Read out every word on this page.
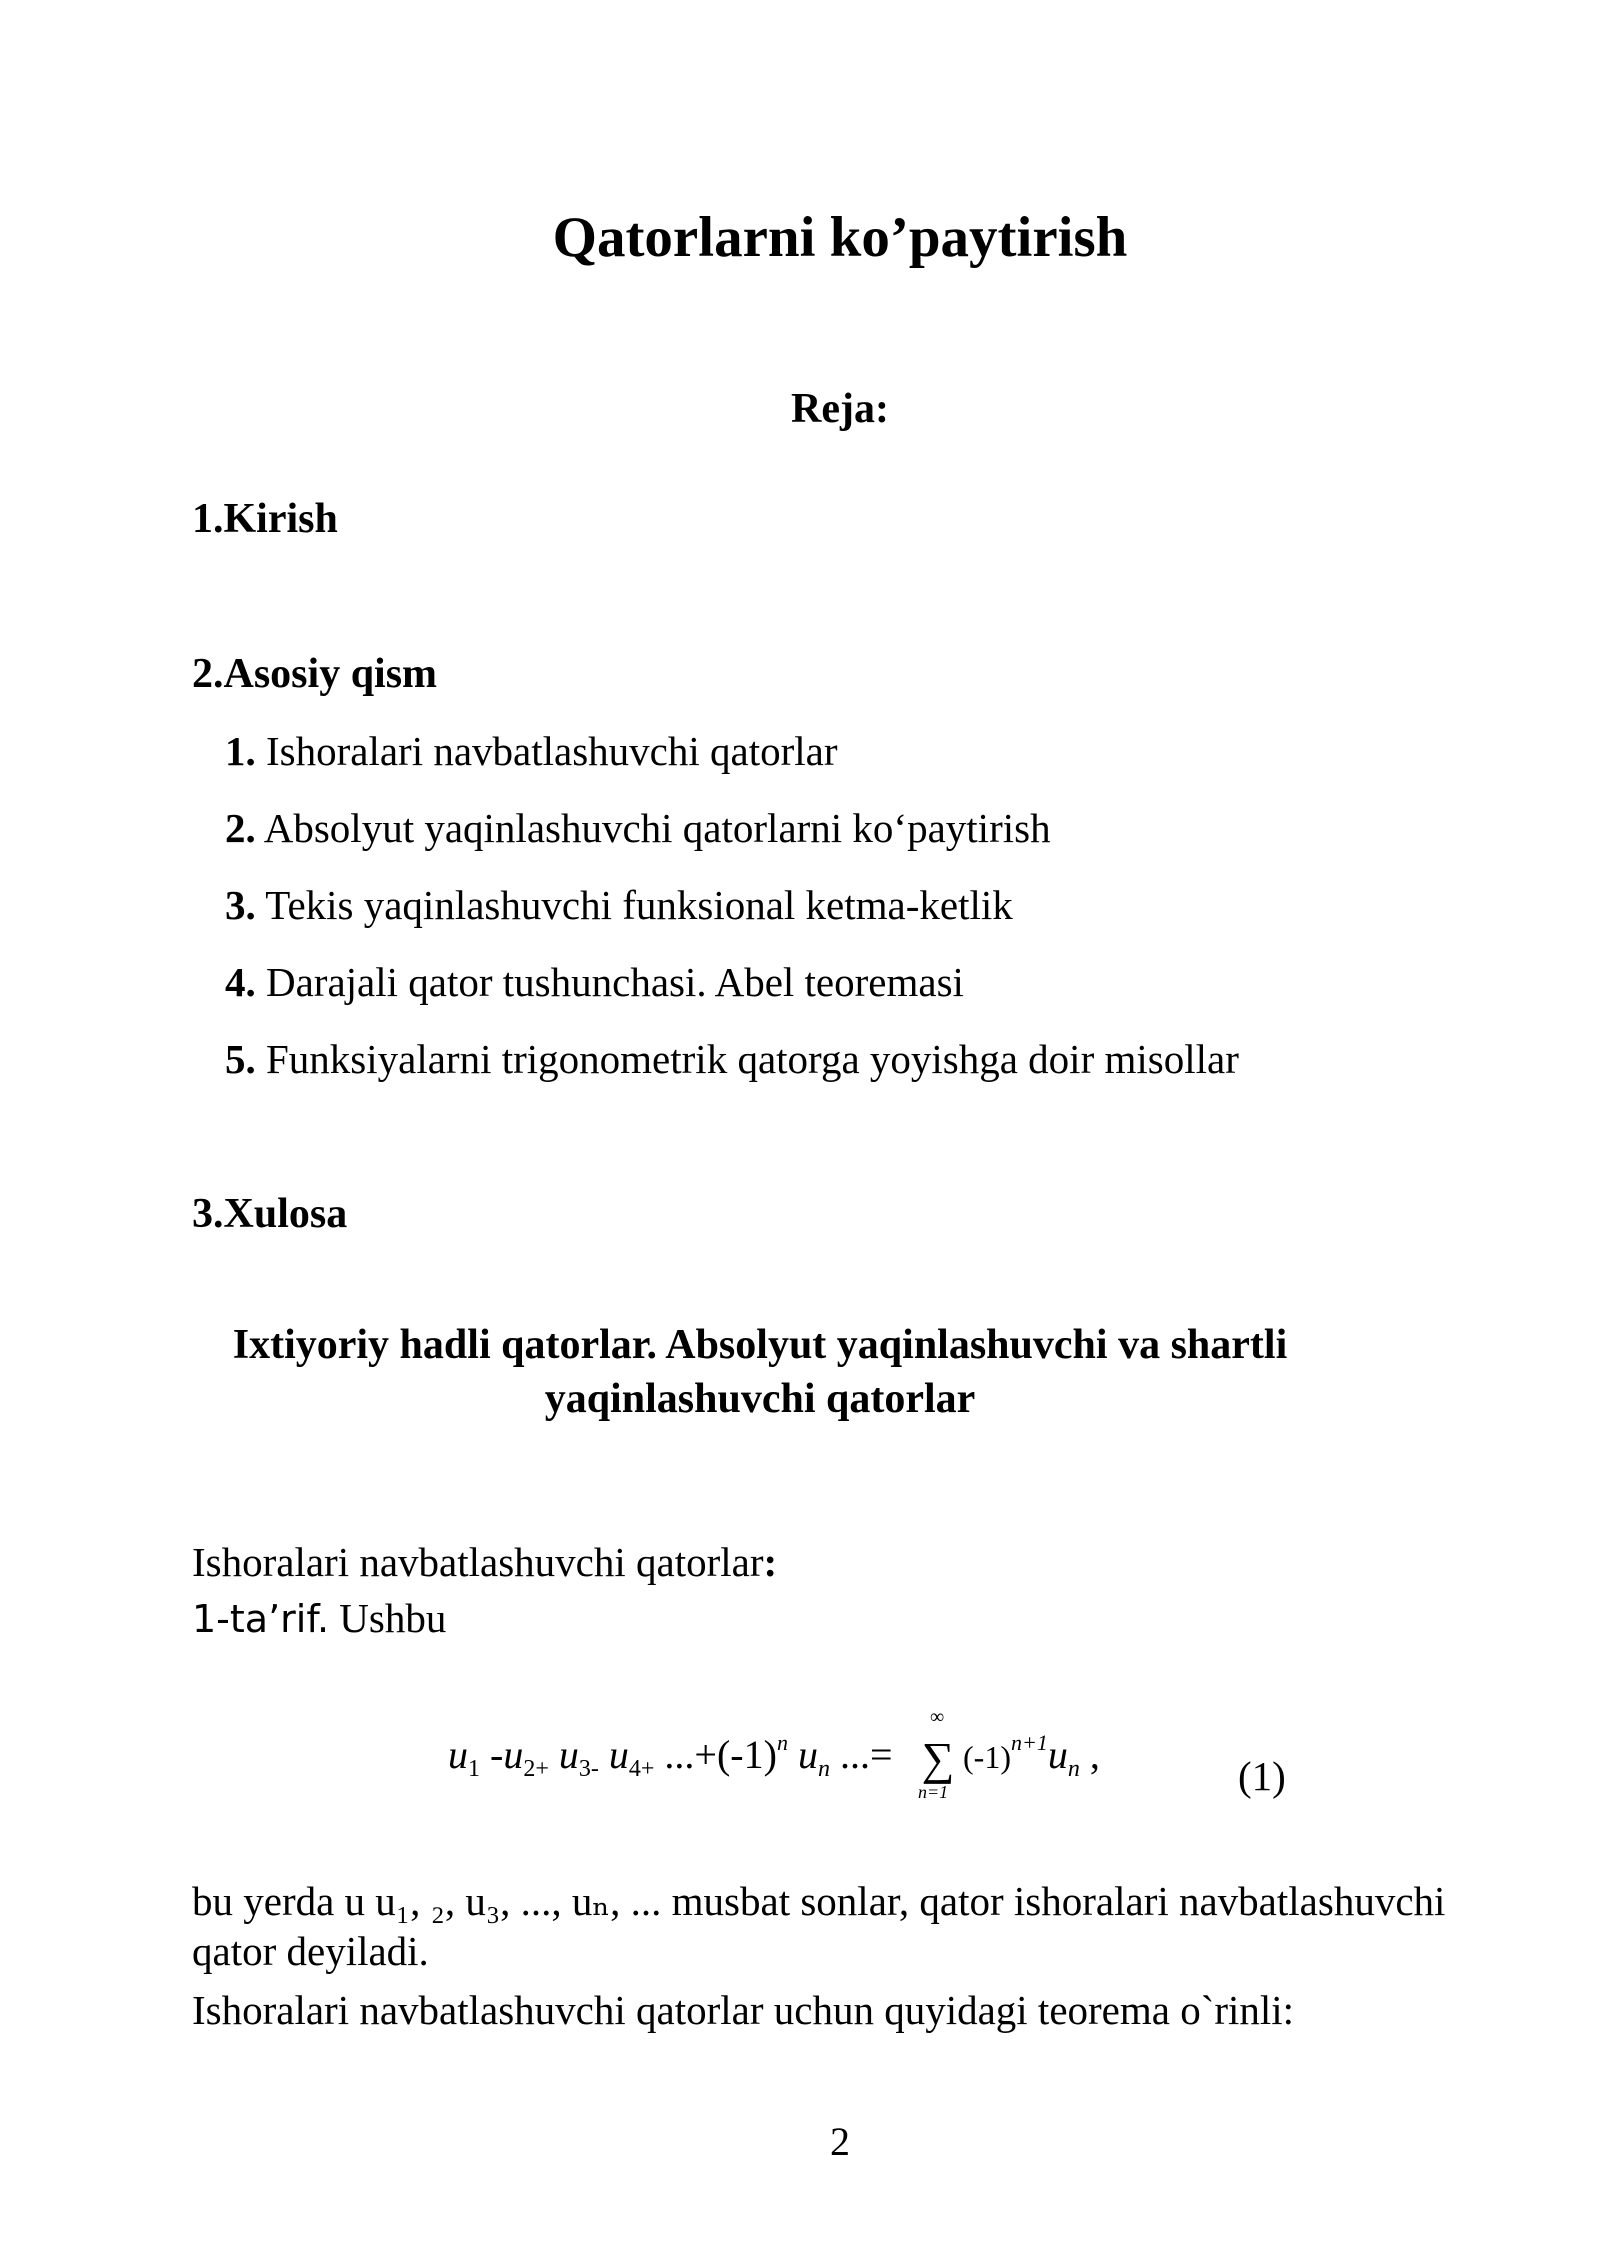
Qatorlarni ko’paytirish
Reja:
1.Kirish
2.Asosiy qism
1. Ishoralari navbatlashuvchi qatorlar
2. Absolyut yaqinlashuvchi qatorlarni ko‘paytirish
3. Tekis yaqinlashuvchi funksional ketma-ketlik
4. Darajali qator tushunchasi. Abel teoremasi
5. Funksiyalarni trigonometrik qatorga yoyishga doir misollar
3.Xulosa
Ixtiyoriy hadli qatorlar. Absolyut yaqinlashuvchi va shartli
yaqinlashuvchi qatorlar
Ishoralari navbatlashuvchi qatorlar:
1-ta’rif. Ushbu
$u_1$ $-u_{2+}$ $u_{3-}$ $u_{4+}$ $...+(-1)^n$ $u_n$ ...=
∞
∑
n=1
$(-1)^{n+1}u_n$ ,	(1)
bu yerda u u₁, ₂, u₃, ..., uₙ, ... musbat sonlar, qator ishoralari navbatlashuvchi
qator deyiladi.
Ishoralari navbatlashuvchi qatorlar uchun quyidagi teorema o`rinli:
2
